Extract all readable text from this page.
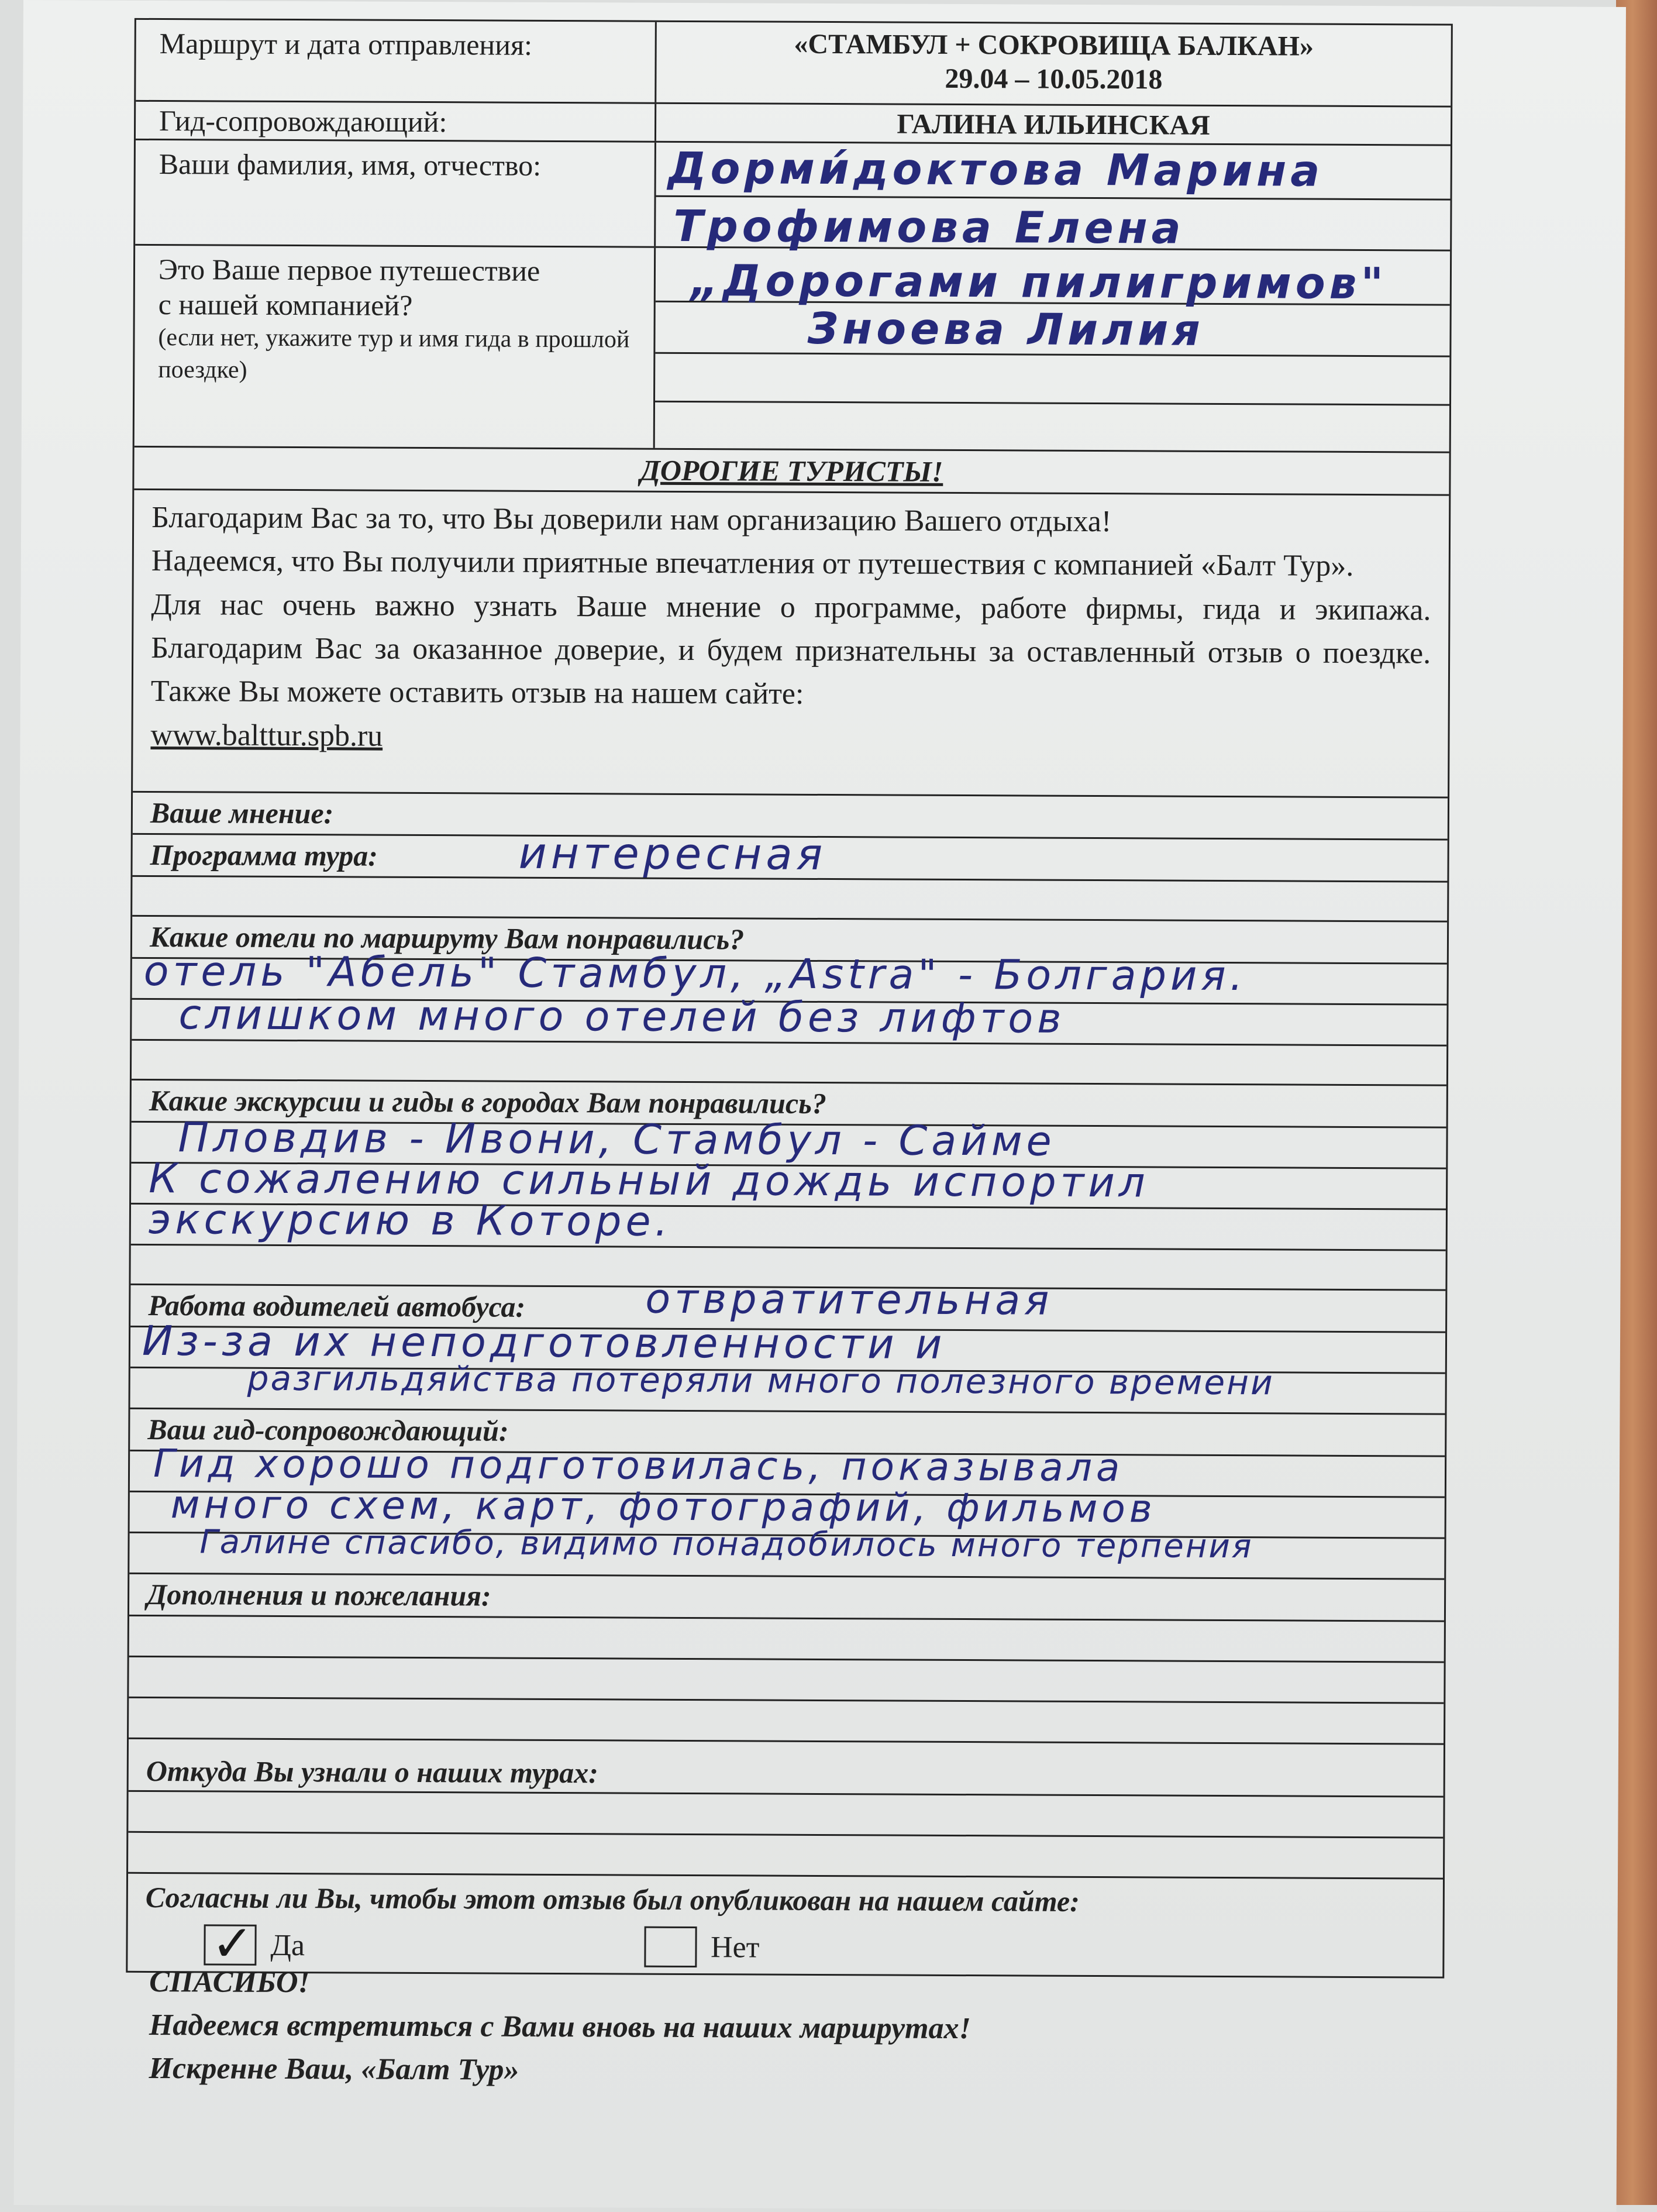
Маршрут и дата отправления:	«СТАМБУЛ + СОКРОВИЩА БАЛКАН»
29.04 – 10.05.2018
Гид-сопровождающий:	ГАЛИНА ИЛЬИНСКАЯ
Ваши фамилия, имя, отчество:	Дорми́доктова Марина
Трофимова Елена
Это Ваше первое путешествие
с нашей компанией?
(если нет, укажите тур и имя гида в прошлой поездке)
„Дорогами пилигримов"
Зноева Лилия
ДОРОГИЕ ТУРИСТЫ!

Благодарим Вас за то, что Вы доверили нам организацию Вашего отдыха!

Надеемся, что Вы получили приятные впечатления от путешествия с компанией «Балт Тур».

Для нас очень важно узнать Ваше мнение о программе, работе фирмы, гида и экипажа. Благодарим Вас за оказанное доверие, и будем признательны за оставленный отзыв о поездке. Также Вы можете оставить отзыв на нашем сайте:

www.balttur.spb.ru

Ваше мнение:
Программа тура:	интересная
Какие отели по маршруту Вам понравились?
отель "Абель" Стамбул, „Astra" - Болгария.
слишком много отелей без лифтов
Какие экскурсии и гиды в городах Вам понравились?
Пловдив - Ивони, Стамбул - Сайме
К сожалению сильный дождь испортил
экскурсию в Которе.
Работа водителей автобуса:	отвратительная
Из-за их неподготовленности и
разгильдяйства потеряли много полезного времени
Ваш гид-сопровождающий:
Гид хорошо подготовилась, показывала
много схем, карт, фотографий, фильмов
Галине спасибо, видимо понадобилось много терпения
Дополнения и пожелания:
Откуда Вы узнали о наших турах:
Согласны ли Вы, чтобы этот отзыв был опубликован на нашем сайте:
✓ Да	Нет
СПАСИБО!
Надеемся встретиться с Вами вновь на наших маршрутах!
Искренне Ваш, «Балт Тур»
